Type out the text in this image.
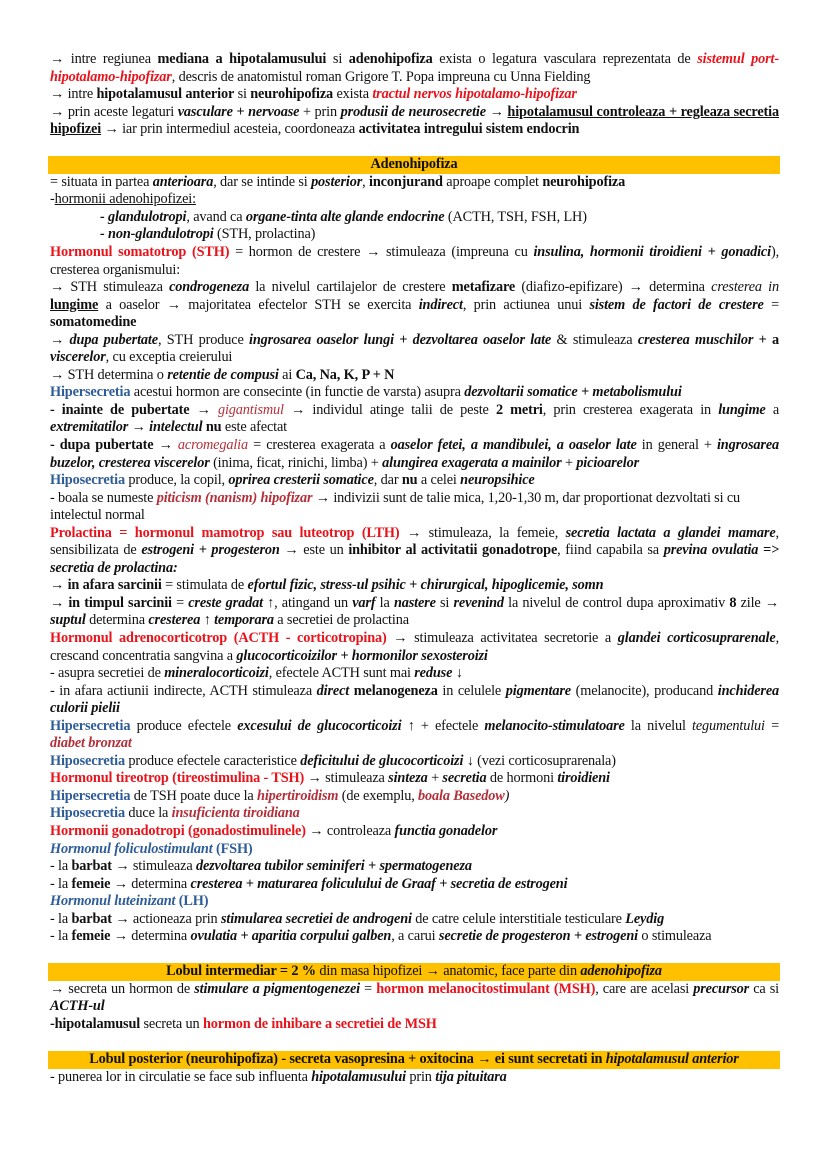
→ intre regiunea mediana a hipotalamusului si adenohipofiza exista o legatura vasculara reprezentata de sistemul port-hipotalamo-hipofizar, descris de anatomistul roman Grigore T. Popa impreuna cu Unna Fielding

→ intre hipotalamusul anterior si neurohipofiza exista tractul nervos hipotalamo-hipofizar

→ prin aceste legaturi vasculare + nervoase + prin produsii de neurosecretie → hipotalamusul controleaza + regleaza secretia hipofizei → iar prin intermediul acesteia, coordoneaza activitatea intregului sistem endocrin

Adenohipofiza

= situata in partea anterioara, dar se intinde si posterior, inconjurand aproape complet neurohipofiza

-hormonii adenohipofizei:

- glandulotropi, avand ca organe-tinta alte glande endocrine (ACTH, TSH, FSH, LH)

- non-glandulotropi (STH, prolactina)

Hormonul somatotrop (STH) = hormon de crestere → stimuleaza (impreuna cu insulina, hormonii tiroidieni + gonadici), cresterea organismului:

→ STH stimuleaza condrogeneza la nivelul cartilajelor de crestere metafizare (diafizo-epifizare) → determina cresterea in lungime a oaselor → majoritatea efectelor STH se exercita indirect, prin actiunea unui sistem de factori de crestere = somatomedine

→ dupa pubertate, STH produce ingrosarea oaselor lungi + dezvoltarea oaselor late & stimuleaza cresterea muschilor + a viscerelor, cu exceptia creierului

→ STH determina o retentie de compusi ai Ca, Na, K, P + N

Hipersecretia acestui hormon are consecinte (in functie de varsta) asupra dezvoltarii somatice + metabolismului

- inainte de pubertate → gigantismul → individul atinge talii de peste 2 metri, prin cresterea exagerata in lungime a extremitatilor → intelectul nu este afectat

- dupa pubertate → acromegalia = cresterea exagerata a oaselor fetei, a mandibulei, a oaselor late in general + ingrosarea buzelor, cresterea viscerelor (inima, ficat, rinichi, limba) + alungirea exagerata a mainilor + picioarelor

Hiposecretia produce, la copil, oprirea cresterii somatice, dar nu a celei neuropsihice

- boala se numeste piticism (nanism) hipofizar → indivizii sunt de talie mica, 1,20-1,30 m, dar proportionat dezvoltati si cu intelectul normal

Prolactina = hormonul mamotrop sau luteotrop (LTH) → stimuleaza, la femeie, secretia lactata a glandei mamare, sensibilizata de estrogeni + progesteron → este un inhibitor al activitatii gonadotrope, fiind capabila sa previna ovulatia => secretia de prolactina:

→ in afara sarcinii = stimulata de efortul fizic, stress-ul psihic + chirurgical, hipoglicemie, somn

→ in timpul sarcinii = creste gradat ↑, atingand un varf la nastere si revenind la nivelul de control dupa aproximativ 8 zile → suptul determina cresterea ↑ temporara a secretiei de prolactina

Hormonul adrenocorticotrop (ACTH - corticotropina) → stimuleaza activitatea secretorie a glandei corticosuprarenale, crescand concentratia sangvina a glucocorticoizilor + hormonilor sexosteroizi

- asupra secretiei de mineralocorticoizi, efectele ACTH sunt mai reduse ↓

- in afara actiunii indirecte, ACTH stimuleaza direct melanogeneza in celulele pigmentare (melanocite), producand inchiderea culorii pielii

Hipersecretia produce efectele excesului de glucocorticoizi ↑ + efectele melanocito-stimulatoare la nivelul tegumentului = diabet bronzat

Hiposecretia produce efectele caracteristice deficitului de glucocorticoizi ↓ (vezi corticosuprarenala)

Hormonul tireotrop (tireostimulina - TSH) → stimuleaza sinteza + secretia de hormoni tiroidieni

Hipersecretia de TSH poate duce la hipertiroidism (de exemplu, boala Basedow)

Hiposecretia duce la insuficienta tiroidiana

Hormonii gonadotropi (gonadostimulinele) → controleaza functia gonadelor

Hormonul foliculostimulant (FSH)

- la barbat → stimuleaza dezvoltarea tubilor seminiferi + spermatogeneza

- la femeie → determina cresterea + maturarea foliculului de Graaf + secretia de estrogeni

Hormonul luteinizant (LH)

- la barbat → actioneaza prin stimularea secretiei de androgeni de catre celule interstitiale testiculare Leydig

- la femeie → determina ovulatia + aparitia corpului galben, a carui secretie de progesteron + estrogeni o stimuleaza

Lobul intermediar = 2 % din masa hipofizei → anatomic, face parte din adenohipofiza

→ secreta un hormon de stimulare a pigmentogenezei = hormon melanocitostimulant (MSH), care are acelasi precursor ca si ACTH-ul

-hipotalamusul secreta un hormon de inhibare a secretiei de MSH

Lobul posterior (neurohipofiza) - secreta vasopresina + oxitocina → ei sunt secretati in hipotalamusul anterior

- punerea lor in circulatie se face sub influenta hipotalamusului prin tija pituitara
